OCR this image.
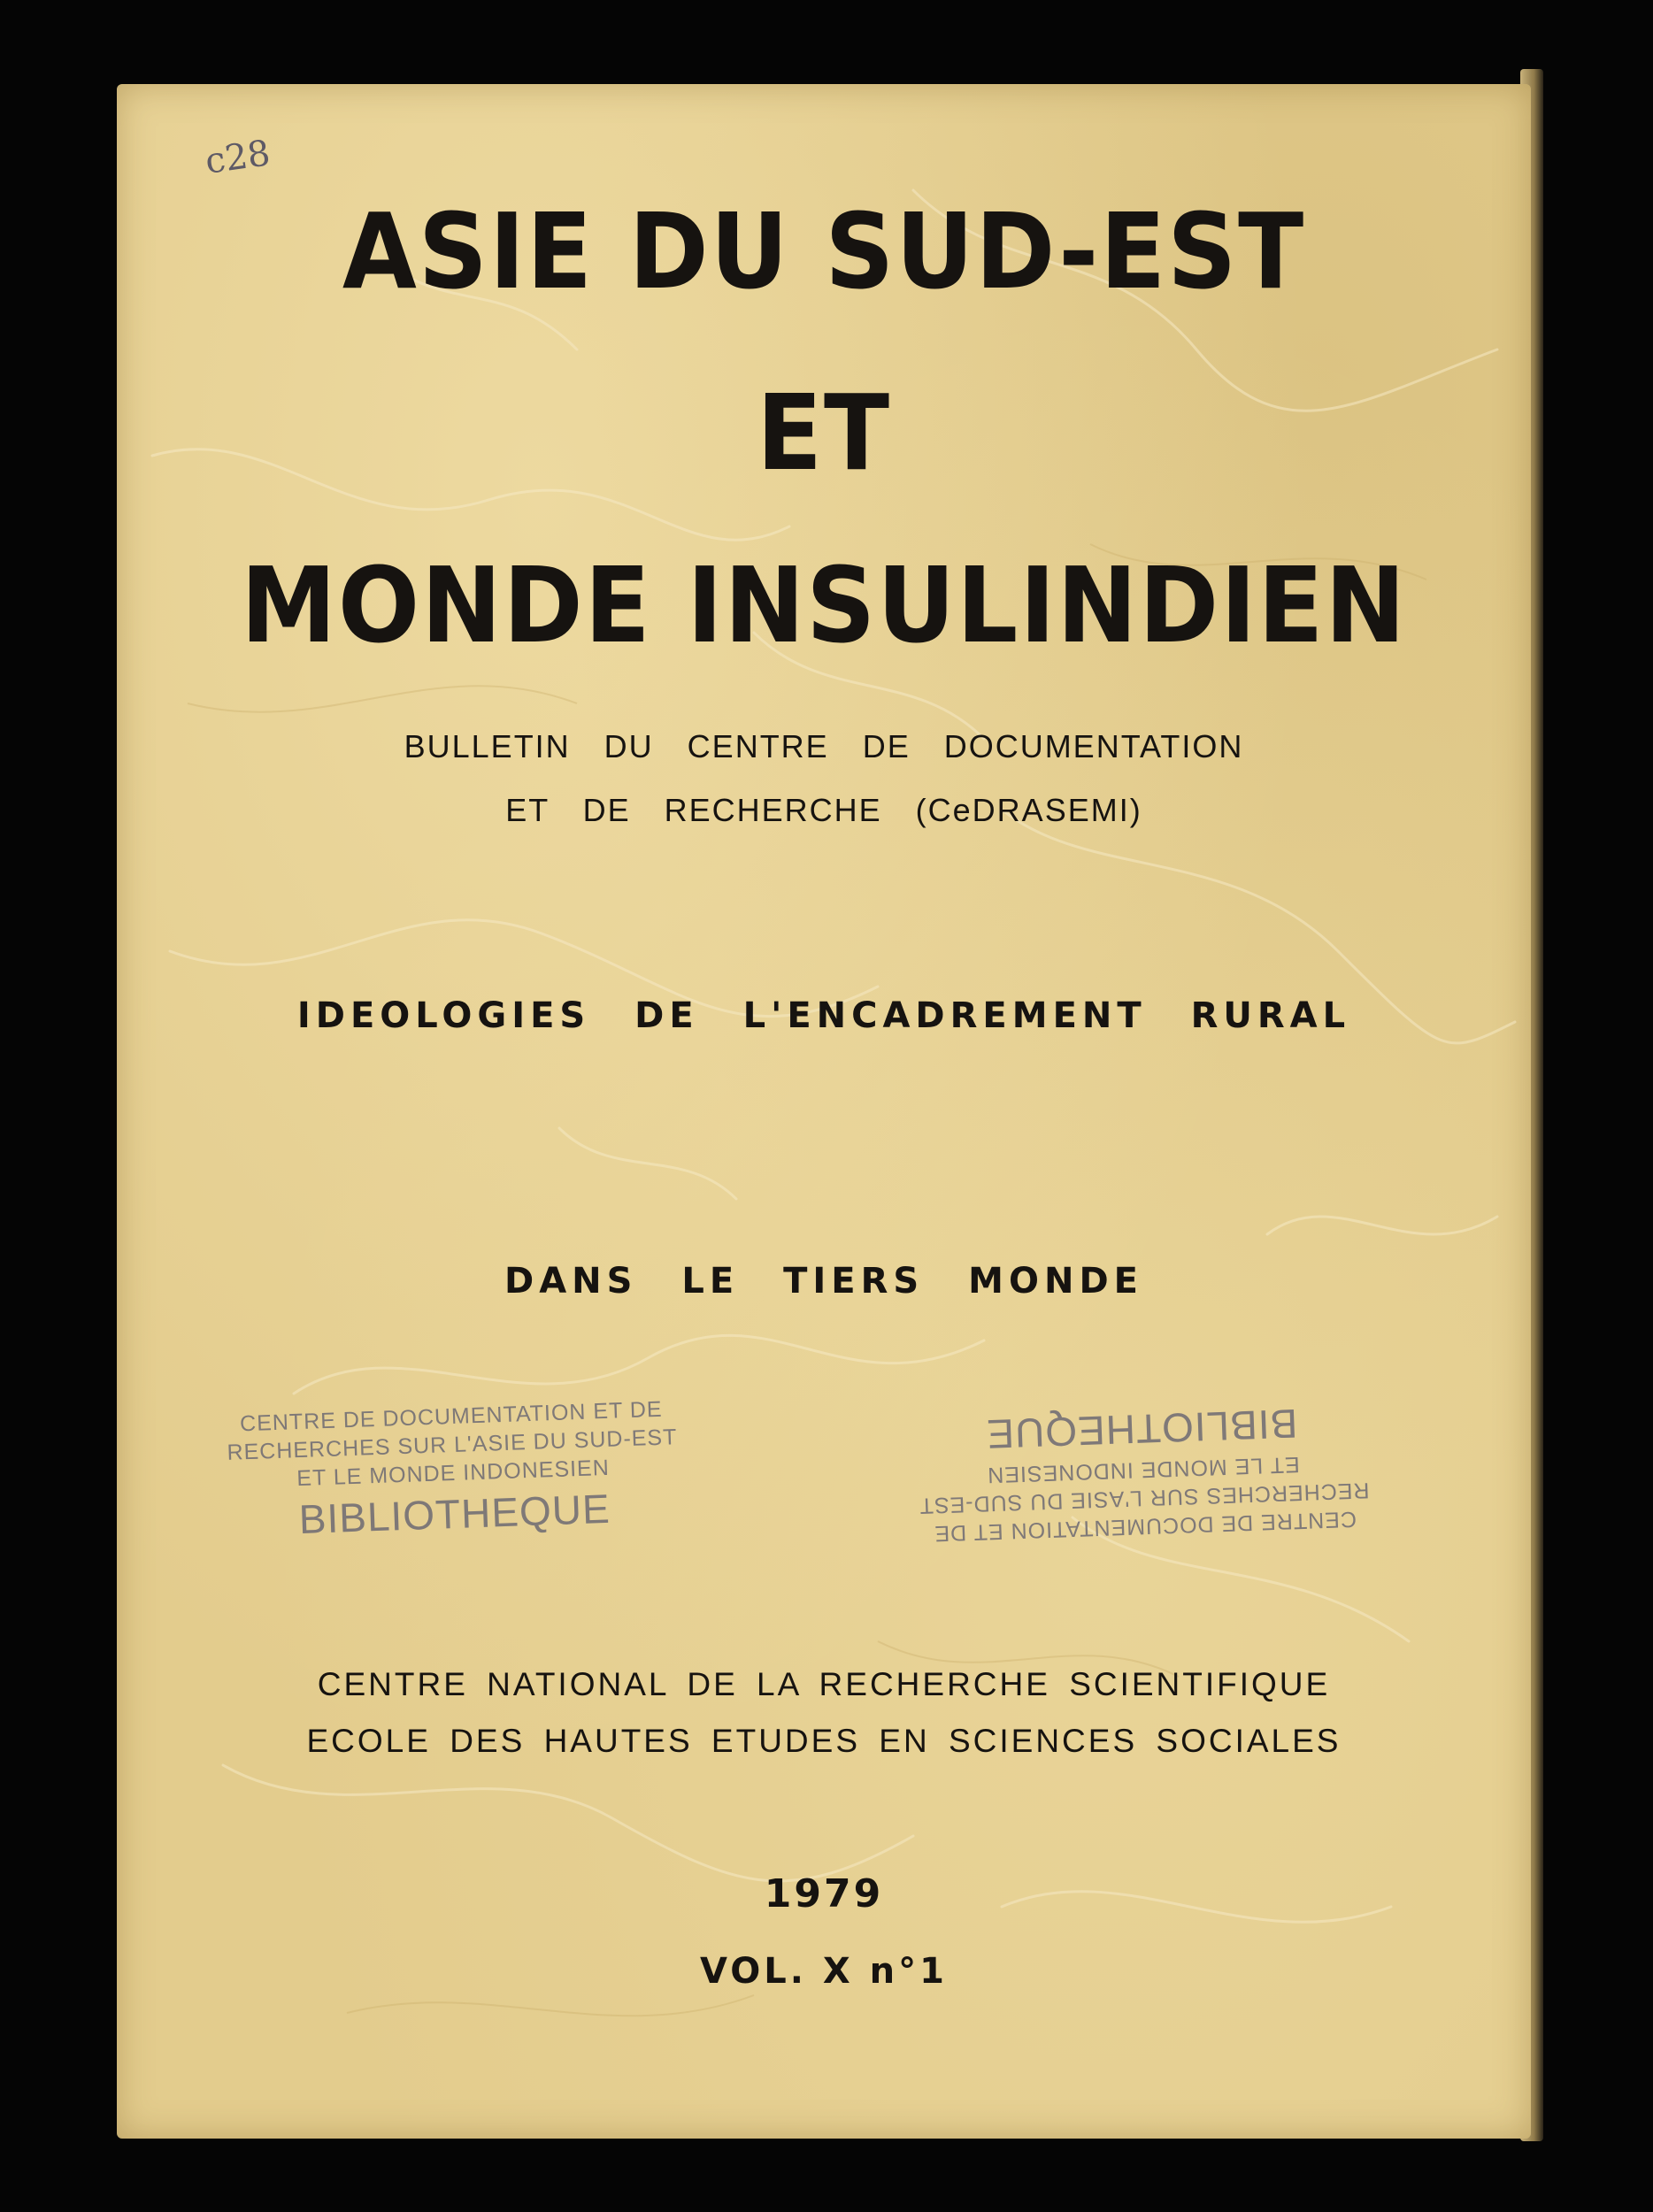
c28
ASIE DU SUD-EST
ET
MONDE INSULINDIEN
BULLETIN DU CENTRE DE DOCUMENTATION
ET DE RECHERCHE (CeDRASEMI)
IDEOLOGIES DE L'ENCADREMENT RURAL
DANS LE TIERS MONDE
CENTRE DE DOCUMENTATION ET DE
RECHERCHES SUR L'ASIE DU SUD-EST
ET LE MONDE INDONESIEN
BIBLIOTHEQUE	CENTRE DE DOCUMENTATION ET DE
RECHERCHES SUR L'ASIE DU SUD-EST
ET LE MONDE INDONESIEN
BIBLIOTHEQUE
CENTRE NATIONAL DE LA RECHERCHE SCIENTIFIQUE
ECOLE DES HAUTES ETUDES EN SCIENCES SOCIALES
1979
VOL. X n°1
